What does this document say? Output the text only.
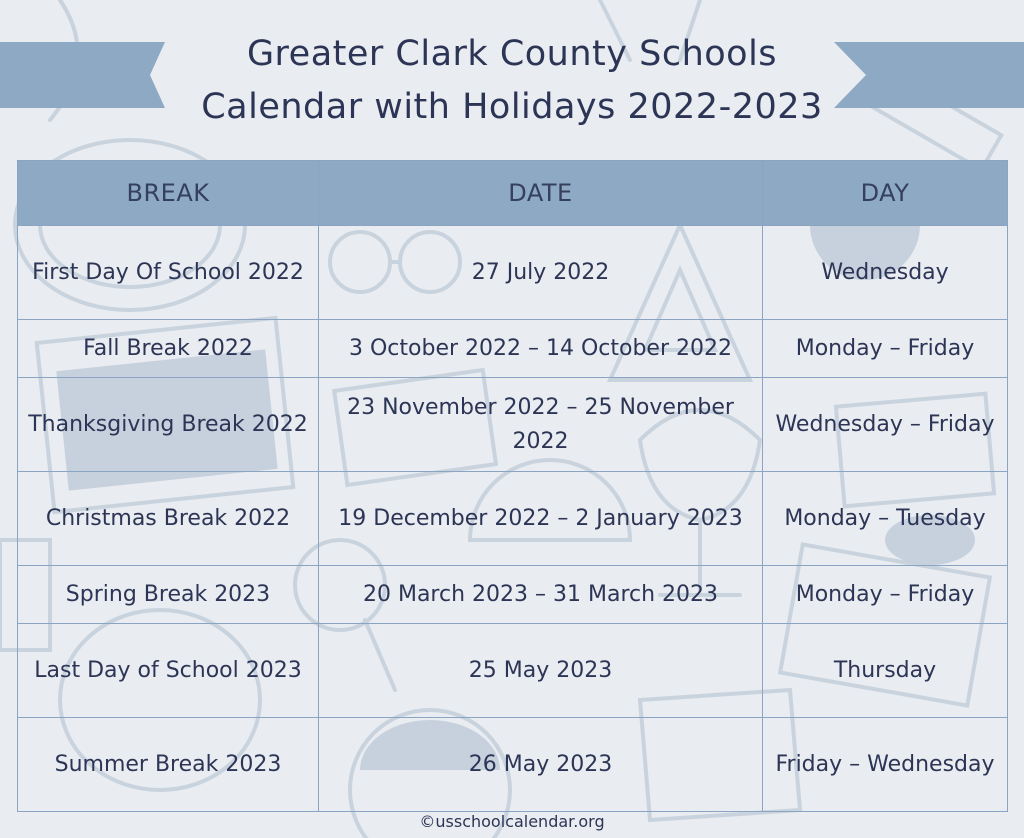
Greater Clark County Schools
Calendar with Holidays 2022-2023
BREAK	DATE	DAY
First Day Of School 2022	27 July 2022	Wednesday
Fall Break 2022	3 October 2022 – 14 October 2022	Monday – Friday
Thanksgiving Break 2022	23 November 2022 – 25 November 2022	Wednesday – Friday
Christmas Break 2022	19 December 2022 – 2 January 2023	Monday – Tuesday
Spring Break 2023	20 March 2023 – 31 March 2023	Monday – Friday
Last Day of School 2023	25 May 2023	Thursday
Summer Break 2023	26 May 2023	Friday – Wednesday
©usschoolcalendar.org
